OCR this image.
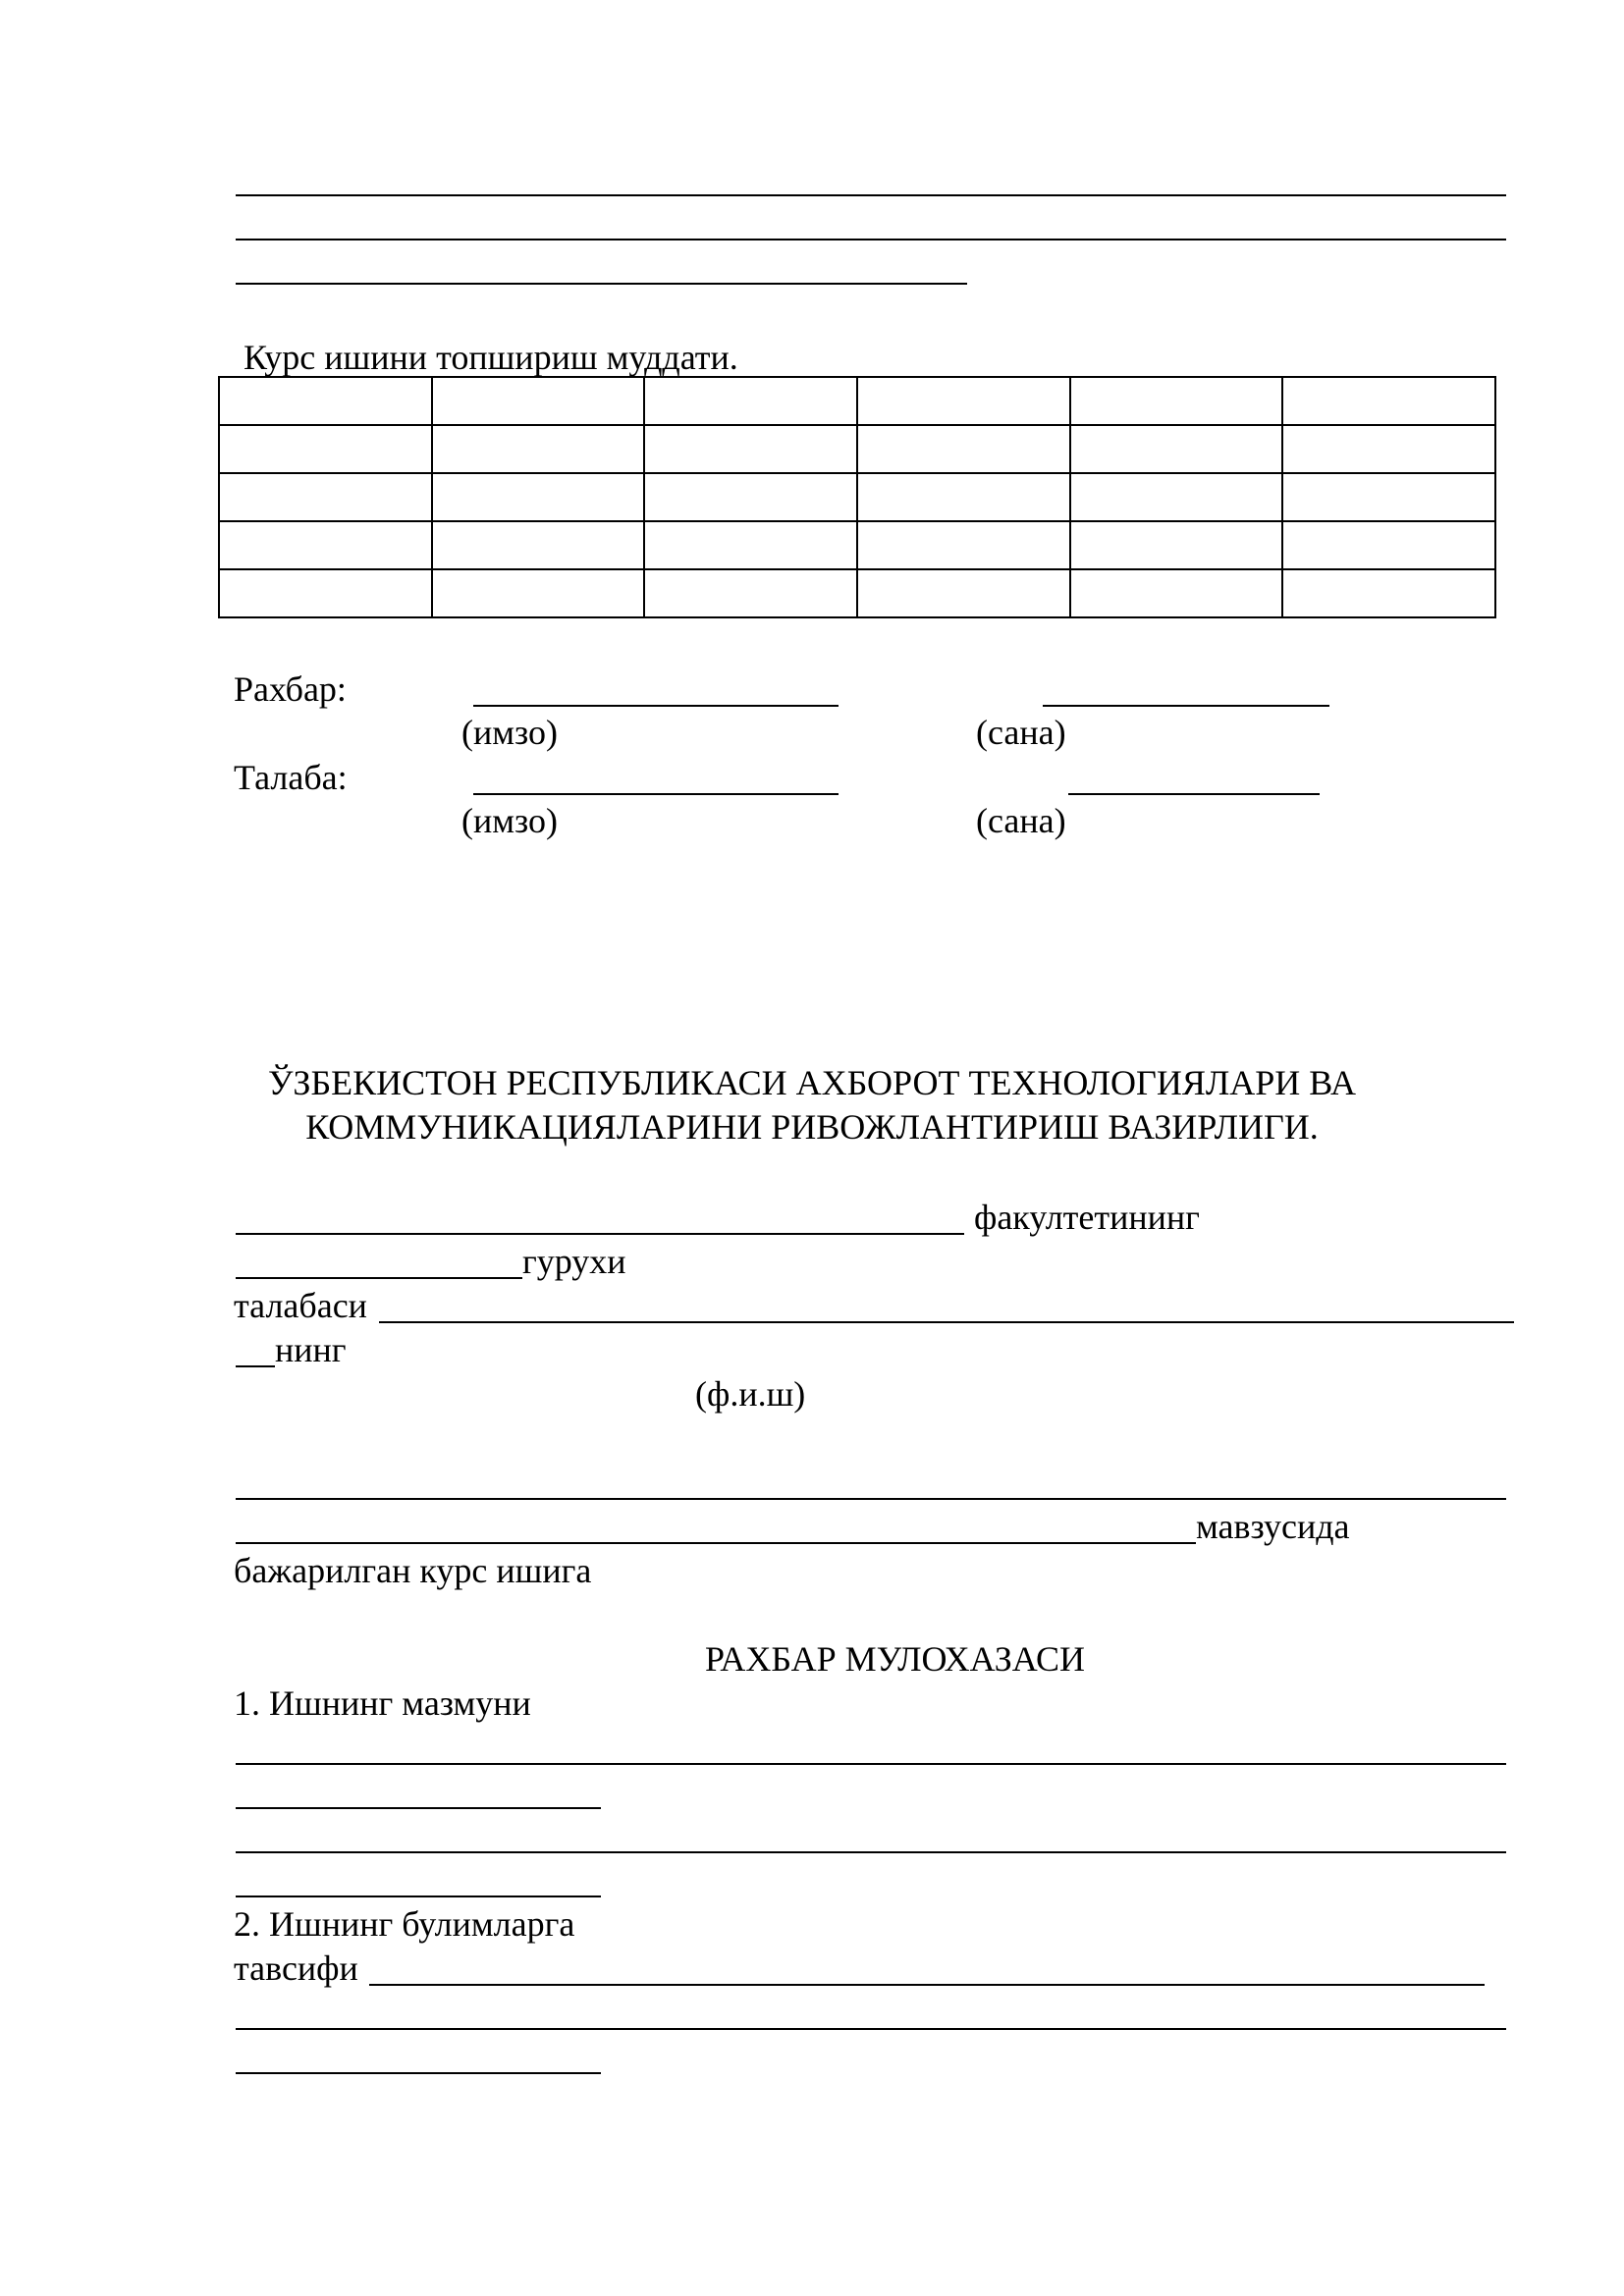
Курс ишини топшириш муддати.

Рахбар:
(имзо)	(сана)
Талаба:
(имзо)	(сана)
ЎЗБЕКИСТОН РЕСПУБЛИКАСИ АХБОРОТ ТЕХНОЛОГИЯЛАРИ ВА
КОММУНИКАЦИЯЛАРИНИ РИВОЖЛАНТИРИШ ВАЗИРЛИГИ.
факултетининг
гурухи
талабаси
нинг
(ф.и.ш)
мавзусида
бажарилган курс ишига
РАХБАР МУЛОХАЗАСИ
1. Ишнинг мазмуни
2. Ишнинг булимларга
тавсифи
